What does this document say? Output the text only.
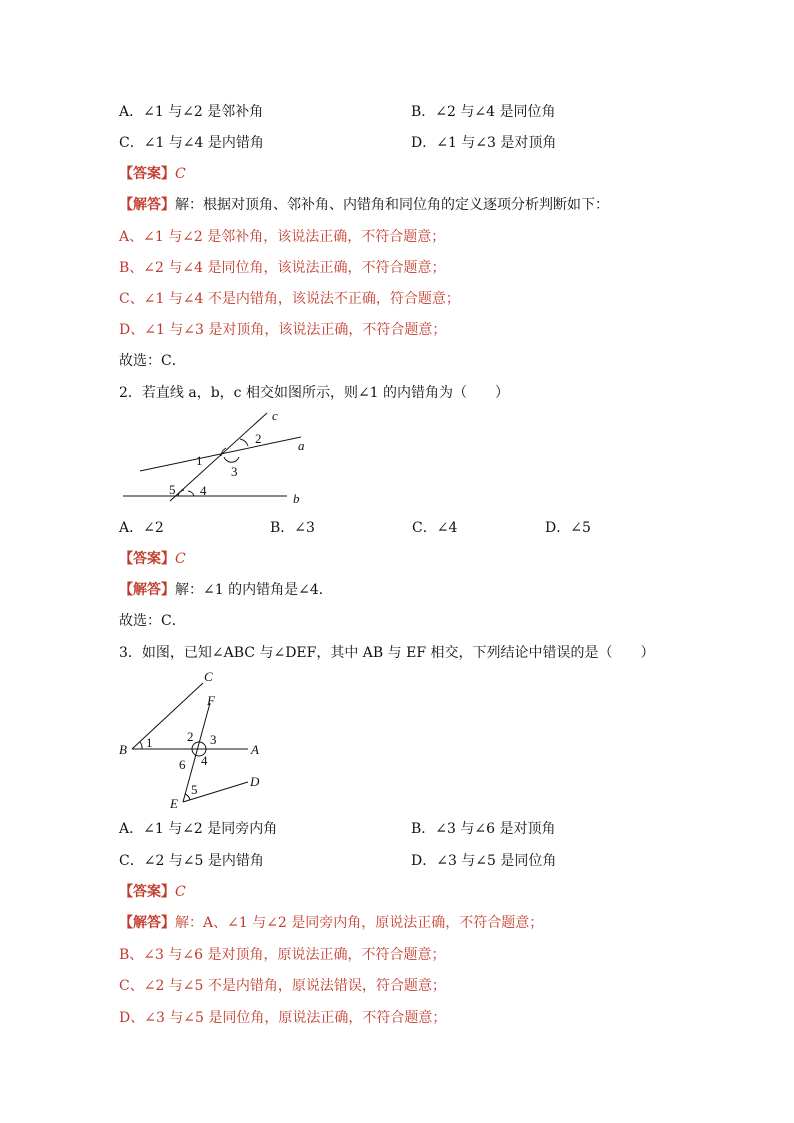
A．∠1 与∠2 是邻补角	B．∠2 与∠4 是同位角
C．∠1 与∠4 是内错角	D．∠1 与∠3 是对顶角
【答案】C
【解答】解：根据对顶角、邻补角、内错角和同位角的定义逐项分析判断如下：
A、∠1 与∠2 是邻补角，该说法正确，不符合题意；
B、∠2 与∠4 是同位角，该说法正确，不符合题意；
C、∠1 与∠4 不是内错角，该说法不正确，符合题意；
D、∠1 与∠3 是对顶角，该说法正确，不符合题意；
故选：C．
2．若直线 a，b，c 相交如图所示，则∠1 的内错角为（　　）
c
a
b
2
1
3
5 4
A．∠2	B．∠3	C．∠4	D．∠5
【答案】C
【解答】解：∠1 的内错角是∠4．
故选：C．
3．如图，已知∠ABC 与∠DEF，其中 AB 与 EF 相交，下列结论中错误的是（　　）
C
F
B	A
E
D
1	2 3
4
6
5
A．∠1 与∠2 是同旁内角	B．∠3 与∠6 是对顶角
C．∠2 与∠5 是内错角	D．∠3 与∠5 是同位角
【答案】C
【解答】解：A、∠1 与∠2 是同旁内角，原说法正确，不符合题意；
B、∠3 与∠6 是对顶角，原说法正确，不符合题意；
C、∠2 与∠5 不是内错角，原说法错误，符合题意；
D、∠3 与∠5 是同位角，原说法正确，不符合题意；
